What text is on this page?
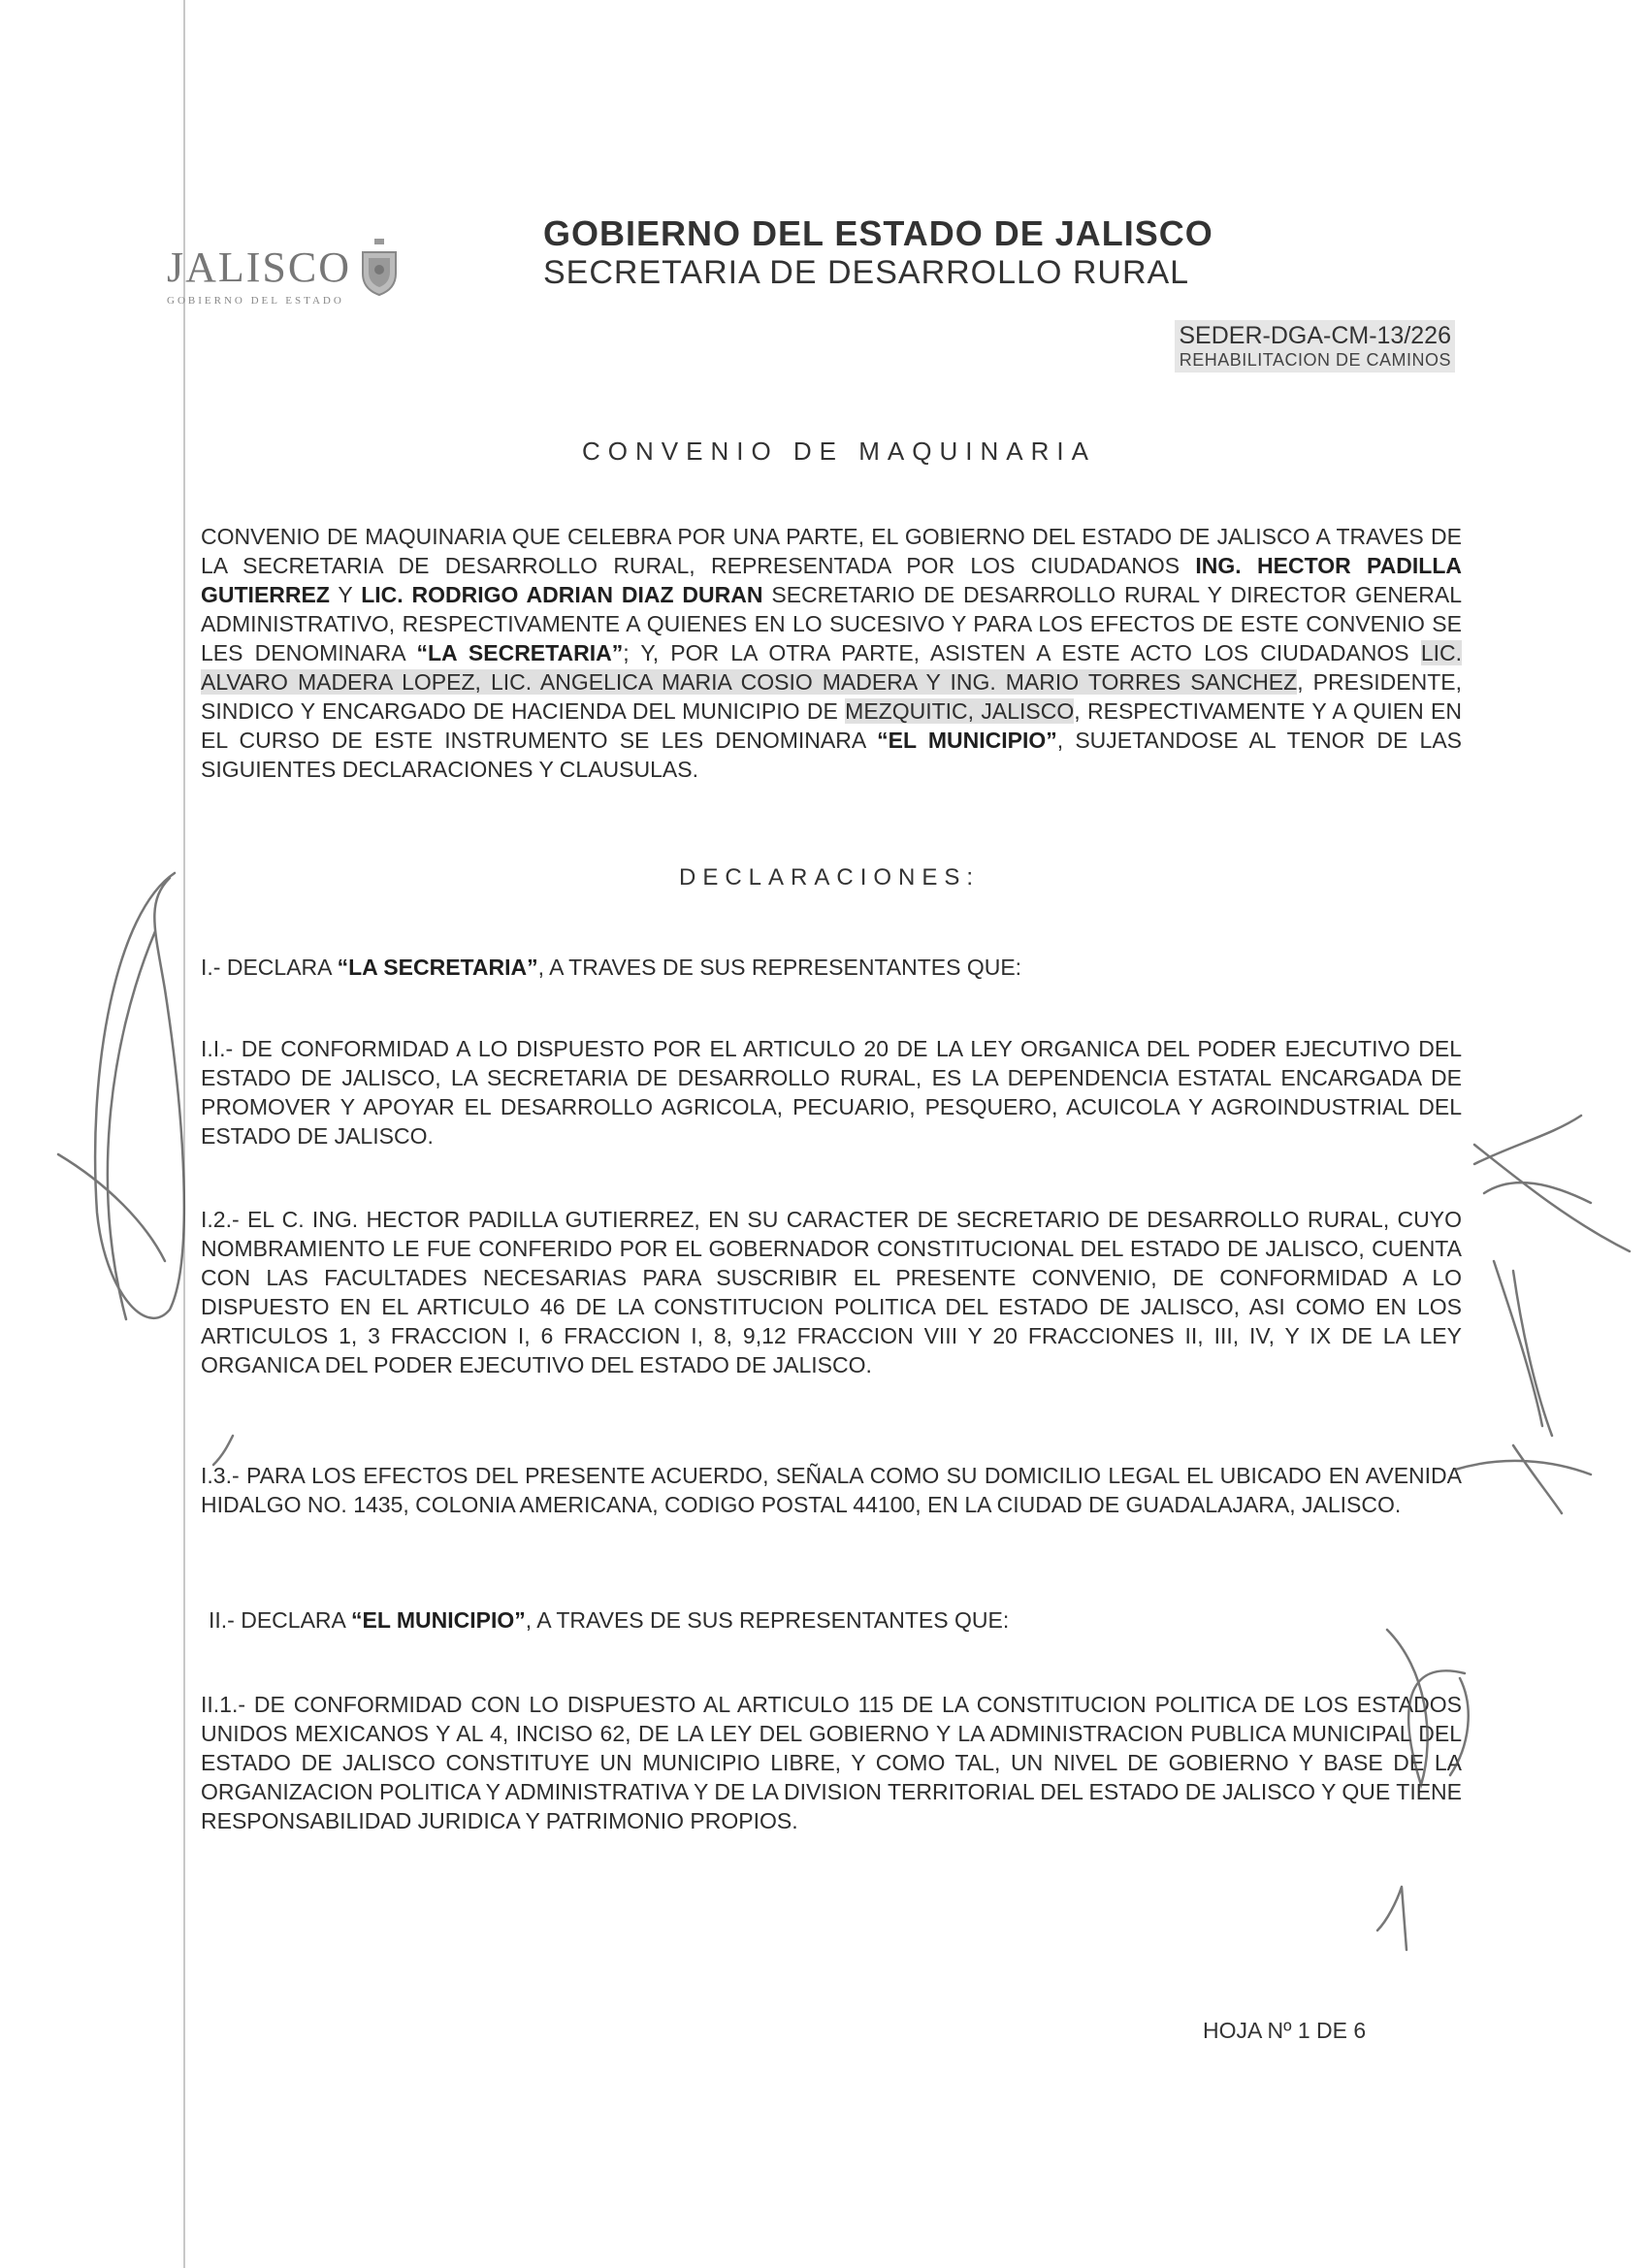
JALISCO
GOBIERNO DEL ESTADO
GOBIERNO DEL ESTADO DE JALISCO
SECRETARIA DE DESARROLLO RURAL
SEDER-DGA-CM-13/226
REHABILITACION DE CAMINOS
CONVENIO DE MAQUINARIA

CONVENIO DE MAQUINARIA QUE CELEBRA POR UNA PARTE, EL GOBIERNO DEL ESTADO DE JALISCO A TRAVES DE LA SECRETARIA DE DESARROLLO RURAL, REPRESENTADA POR LOS CIUDADANOS ING. HECTOR PADILLA GUTIERREZ Y LIC. RODRIGO ADRIAN DIAZ DURAN SECRETARIO DE DESARROLLO RURAL Y DIRECTOR GENERAL ADMINISTRATIVO, RESPECTIVAMENTE A QUIENES EN LO SUCESIVO Y PARA LOS EFECTOS DE ESTE CONVENIO SE LES DENOMINARA “LA SECRETARIA”; Y, POR LA OTRA PARTE, ASISTEN A ESTE ACTO LOS CIUDADANOS LIC. ALVARO MADERA LOPEZ, LIC. ANGELICA MARIA COSIO MADERA Y ING. MARIO TORRES SANCHEZ, PRESIDENTE, SINDICO Y ENCARGADO DE HACIENDA DEL MUNICIPIO DE MEZQUITIC, JALISCO, RESPECTIVAMENTE Y A QUIEN EN EL CURSO DE ESTE INSTRUMENTO SE LES DENOMINARA “EL MUNICIPIO”, SUJETANDOSE AL TENOR DE LAS SIGUIENTES DECLARACIONES Y CLAUSULAS.

DECLARACIONES:

I.- DECLARA “LA SECRETARIA”, A TRAVES DE SUS REPRESENTANTES QUE:

I.I.- DE CONFORMIDAD A LO DISPUESTO POR EL ARTICULO 20 DE LA LEY ORGANICA DEL PODER EJECUTIVO DEL ESTADO DE JALISCO, LA SECRETARIA DE DESARROLLO RURAL, ES LA DEPENDENCIA ESTATAL ENCARGADA DE PROMOVER Y APOYAR EL DESARROLLO AGRICOLA, PECUARIO, PESQUERO, ACUICOLA Y AGROINDUSTRIAL DEL ESTADO DE JALISCO.

I.2.- EL C. ING. HECTOR PADILLA GUTIERREZ, EN SU CARACTER DE SECRETARIO DE DESARROLLO RURAL, CUYO NOMBRAMIENTO LE FUE CONFERIDO POR EL GOBERNADOR CONSTITUCIONAL DEL ESTADO DE JALISCO, CUENTA CON LAS FACULTADES NECESARIAS PARA SUSCRIBIR EL PRESENTE CONVENIO, DE CONFORMIDAD A LO DISPUESTO EN EL ARTICULO 46 DE LA CONSTITUCION POLITICA DEL ESTADO DE JALISCO, ASI COMO EN LOS ARTICULOS 1, 3 FRACCION I, 6 FRACCION I, 8, 9,12 FRACCION VIII Y 20 FRACCIONES II, III, IV, Y IX DE LA LEY ORGANICA DEL PODER EJECUTIVO DEL ESTADO DE JALISCO.

I.3.- PARA LOS EFECTOS DEL PRESENTE ACUERDO, SEÑALA COMO SU DOMICILIO LEGAL EL UBICADO EN AVENIDA HIDALGO NO. 1435, COLONIA AMERICANA, CODIGO POSTAL 44100, EN LA CIUDAD DE GUADALAJARA, JALISCO.

II.- DECLARA “EL MUNICIPIO”, A TRAVES DE SUS REPRESENTANTES QUE:

II.1.- DE CONFORMIDAD CON LO DISPUESTO AL ARTICULO 115 DE LA CONSTITUCION POLITICA DE LOS ESTADOS UNIDOS MEXICANOS Y AL 4, INCISO 62, DE LA LEY DEL GOBIERNO Y LA ADMINISTRACION PUBLICA MUNICIPAL DEL ESTADO DE JALISCO CONSTITUYE UN MUNICIPIO LIBRE, Y COMO TAL, UN NIVEL DE GOBIERNO Y BASE DE LA ORGANIZACION POLITICA Y ADMINISTRATIVA Y DE LA DIVISION TERRITORIAL DEL ESTADO DE JALISCO Y QUE TIENE RESPONSABILIDAD JURIDICA Y PATRIMONIO PROPIOS.

HOJA Nº 1 DE 6
